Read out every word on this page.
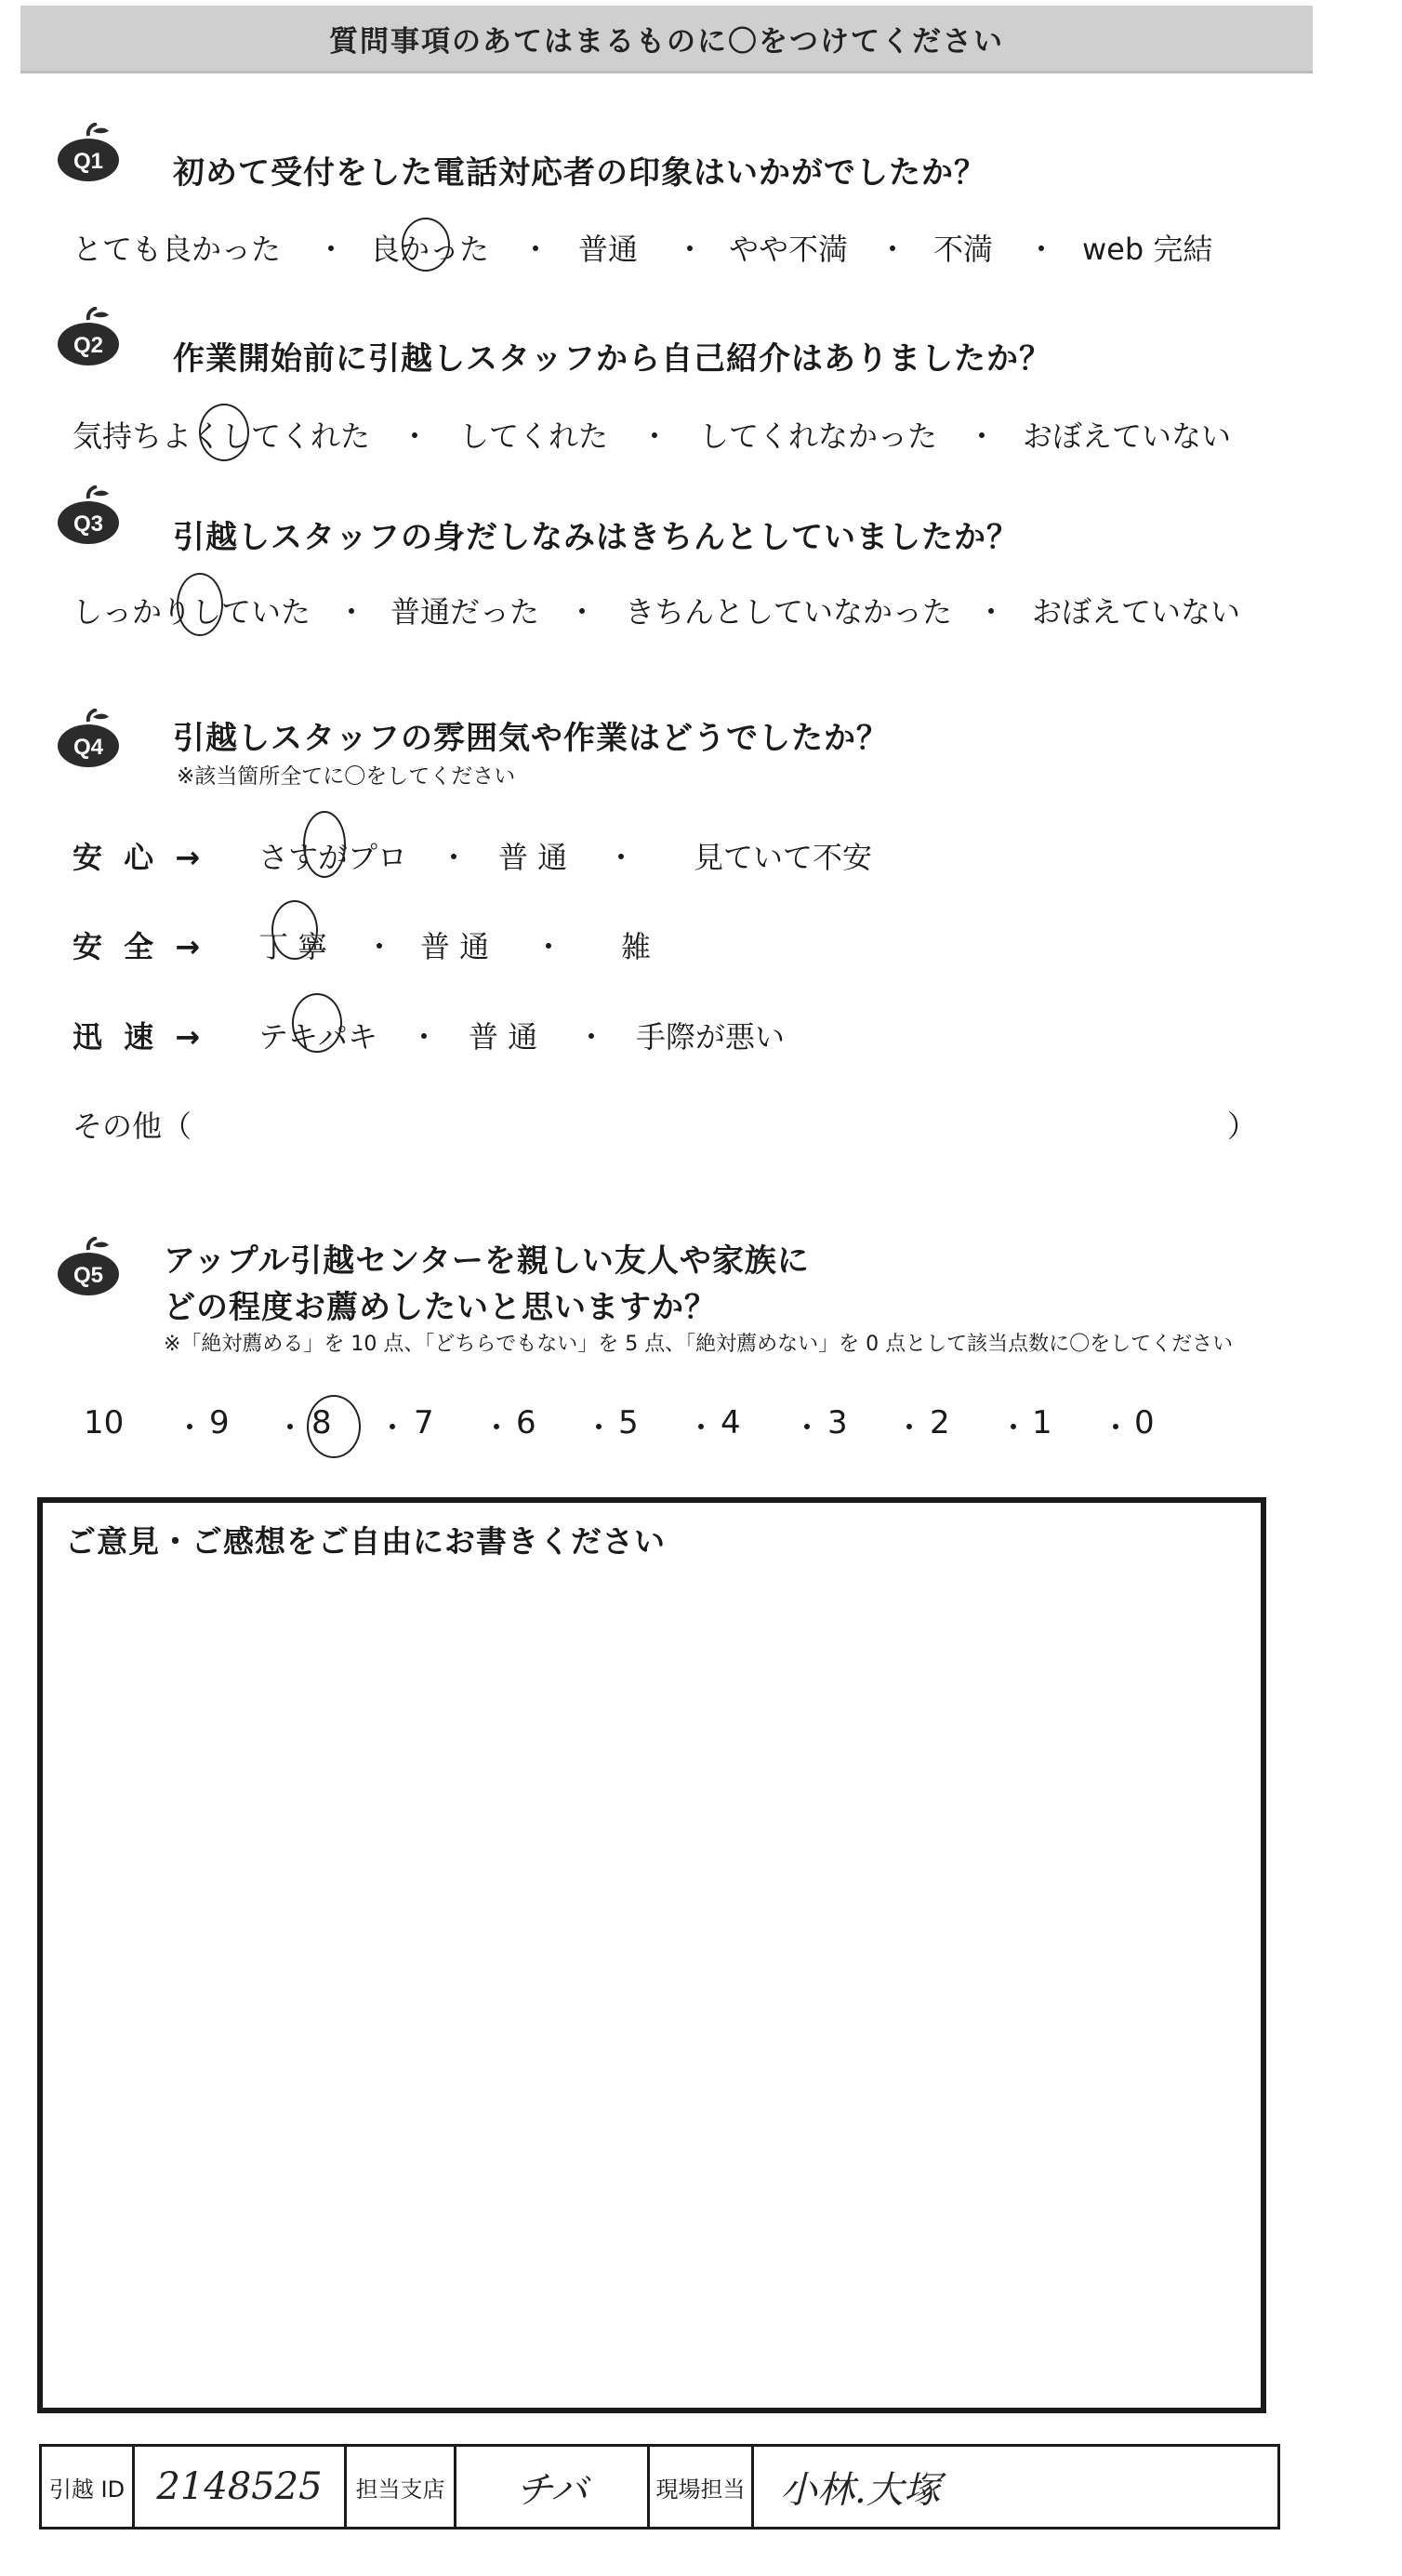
質問事項のあてはまるものに〇をつけてください
Q1 初めて受付をした電話対応者の印象はいかがでしたか？
とても良かった ・ 良かった ・ 普通 ・ やや不満 ・ 不満 ・ web 完結
Q2 作業開始前に引越しスタッフから自己紹介はありましたか？
気持ちよくしてくれた ・ してくれた ・ してくれなかった ・ おぼえていない
Q3 引越しスタッフの身だしなみはきちんとしていましたか？
しっかりしていた ・ 普通だった ・ きちんとしていなかった ・ おぼえていない
Q4 引越しスタッフの雰囲気や作業はどうでしたか？
※該当箇所全てに〇をしてください
安 心 → さすがプロ ・ 普 通 ・ 見ていて不安
安 全 → 丁 寧 ・ 普 通 ・ 雑
迅 速 → テキパキ ・ 普 通 ・ 手際が悪い
その他（	）
Q5 アップル引越センターを親しい友人や家族に
どの程度お薦めしたいと思いますか？
※「絶対薦める」を 10 点、「どちらでもない」を 5 点、「絶対薦めない」を 0 点として該当点数に〇をしてください
10 ・ 9 ・ 8 ・ 7 ・ 6 ・ 5 ・ 4 ・ 3 ・ 2 ・ 1 ・ 0
ご意見・ご感想をご自由にお書きください
引越 ID 2148525	担当支店	チバ	現場担当 小林.大塚
